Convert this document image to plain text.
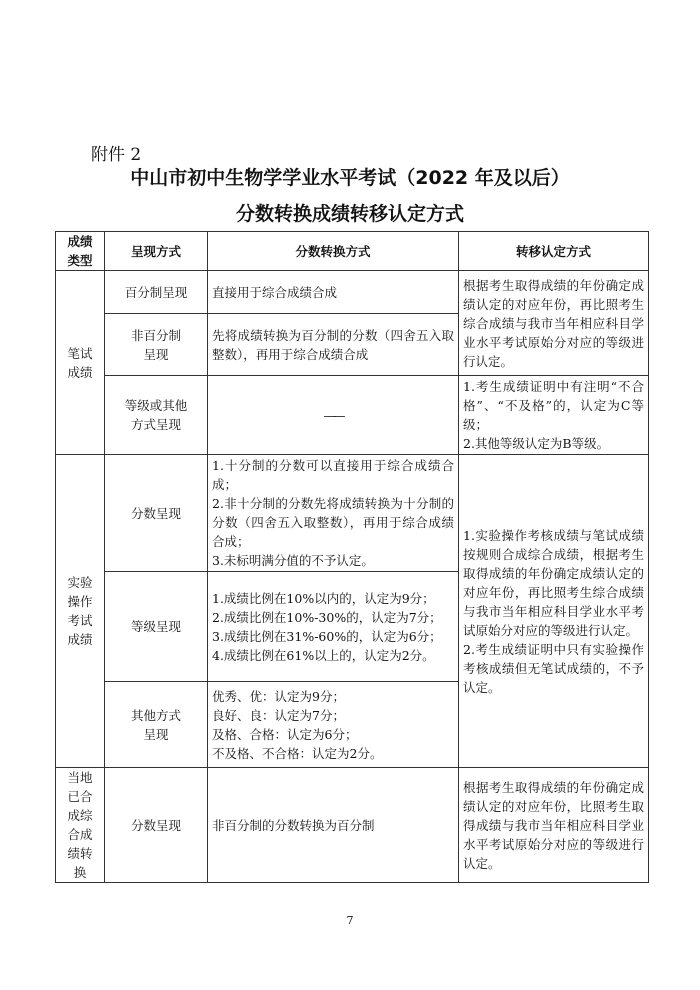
附件 2
中山市初中生物学学业水平考试（2022 年及以后）
分数转换成绩转移认定方式
成绩类型	呈现方式	分数转换方式	转移认定方式
笔试成绩	百分制呈现	直接用于综合成绩合成	根据考生取得成绩的年份确定成绩认定的对应年份，再比照考生综合成绩与我市当年相应科目学业水平考试原始分对应的等级进行认定。
	非百分制呈现	先将成绩转换为百分制的分数（四舍五入取整数），再用于综合成绩合成	
	等级或其他方式呈现	——	1.考生成绩证明中有注明“不合格”、“不及格”的，认定为C等级；
2.其他等级认定为B等级。

实验操作考试成绩	分数呈现	1.十分制的分数可以直接用于综合成绩合成；
2.非十分制的分数先将成绩转换为十分制的分数（四舍五入取整数），再用于综合成绩合成；
3.未标明满分值的不予认定。	1.实验操作考核成绩与笔试成绩按规则合成综合成绩，根据考生取得成绩的年份确定成绩认定的对应年份，再比照考生综合成绩与我市当年相应科目学业水平考试原始分对应的等级进行认定。
2.考生成绩证明中只有实验操作考核成绩但无笔试成绩的，不予认定。

	等级呈现	1.成绩比例在10%以内的，认定为9分；
2.成绩比例在10%-30%的，认定为7分；
3.成绩比例在31%-60%的，认定为6分；
4.成绩比例在61%以上的，认定为2分。	

	其他方式呈现	优秀、优：认定为9分；
良好、良：认定为7分；
及格、合格：认定为6分；
不及格、不合格：认定为2分。	

当地已合成综合成绩转换	分数呈现	非百分制的分数转换为百分制	根据考生取得成绩的年份确定成绩认定的对应年份，比照考生取得成绩与我市当年相应科目学业水平考试原始分对应的等级进行认定。
7
